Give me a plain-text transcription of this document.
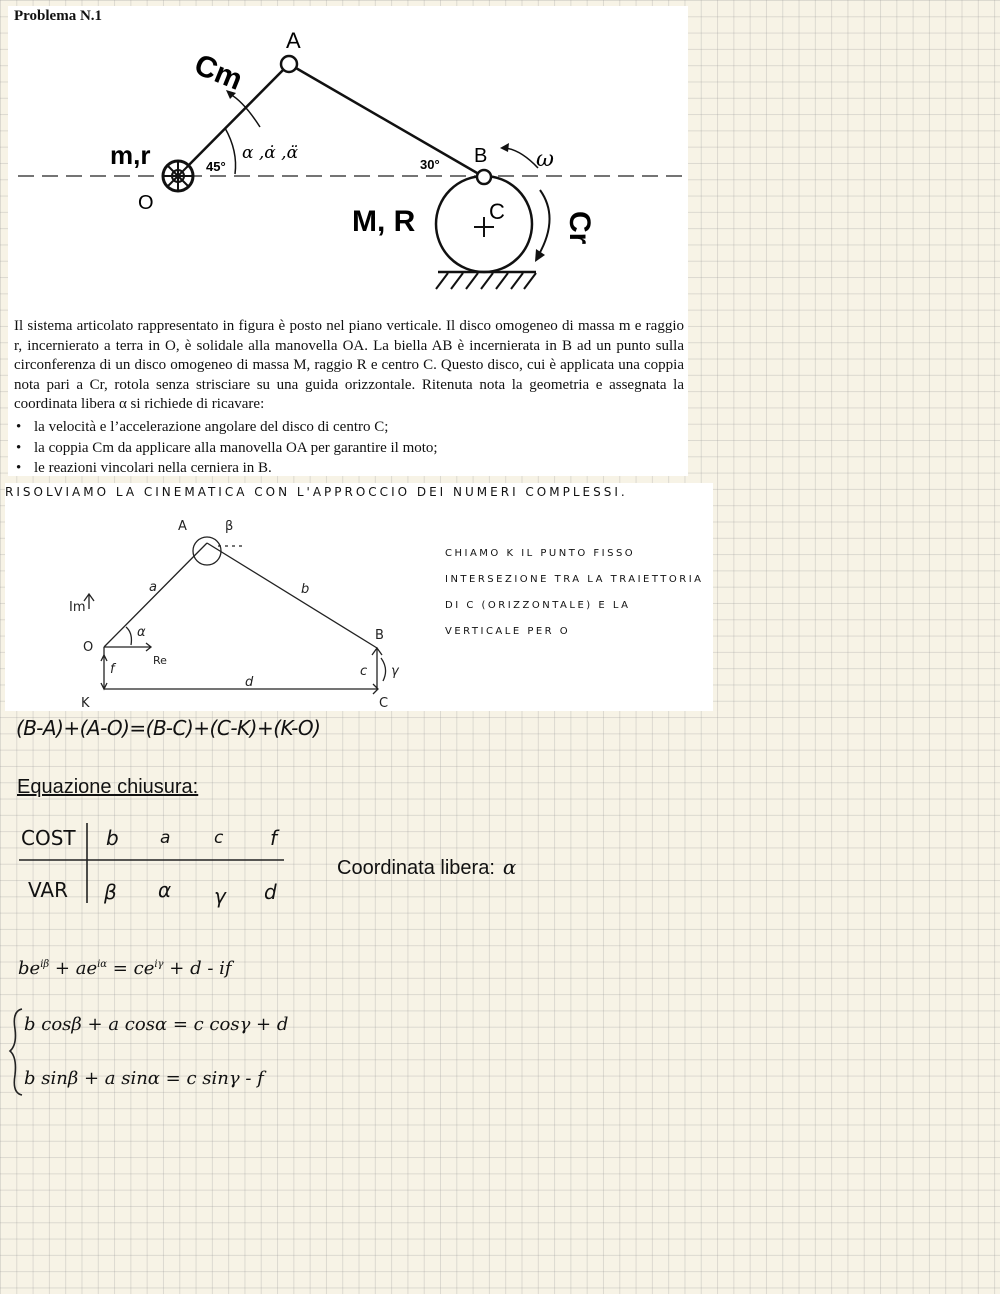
Problema N.1
A
Cm
m,r
O
45°
α ,α̇ ,α̈
30° B ω
M, R	C Cr

Il sistema articolato rappresentato in figura è posto nel piano verticale. Il disco omogeneo di massa m e raggio r, incernierato a terra in O, è solidale alla manovella OA. La biella AB è incernierata in B ad un punto sulla circonferenza di un disco omogeneo di massa M, raggio R e centro C. Questo disco, cui è applicata una coppia nota pari a Cr, rotola senza strisciare su una guida orizzontale. Ritenuta nota la geometria e assegnata la coordinata libera α si richiede di ricavare:

• la velocità e l’accelerazione angolare del disco di centro C;
• la coppia Cm da applicare alla manovella OA per garantire il moto;
• le reazioni vincolari nella cerniera in B.
RISOLVIAMO LA CINEMATICA CON L'APPROCCIO DEI NUMERI COMPLESSI.
A	β
a	b
Im
O
α
Re
f
d
B
c γ
C
K
CHIAMO K IL PUNTO FISSO
INTERSEZIONE TRA LA TRAIETTORIA
DI C (ORIZZONTALE) E LA
VERTICALE PER O
(B-A)+(A-O)=(B-C)+(C-K)+(K-O)
Equazione chiusura:
COST b a	c f
VAR β α γ d
Coordinata libera: α
$be^{i\beta} + ae^{i\alpha} = ce^{i\gamma} + d$ - if
b cosβ + a cosα = c cosγ + d
b sinβ + a sinα = c sinγ - f
